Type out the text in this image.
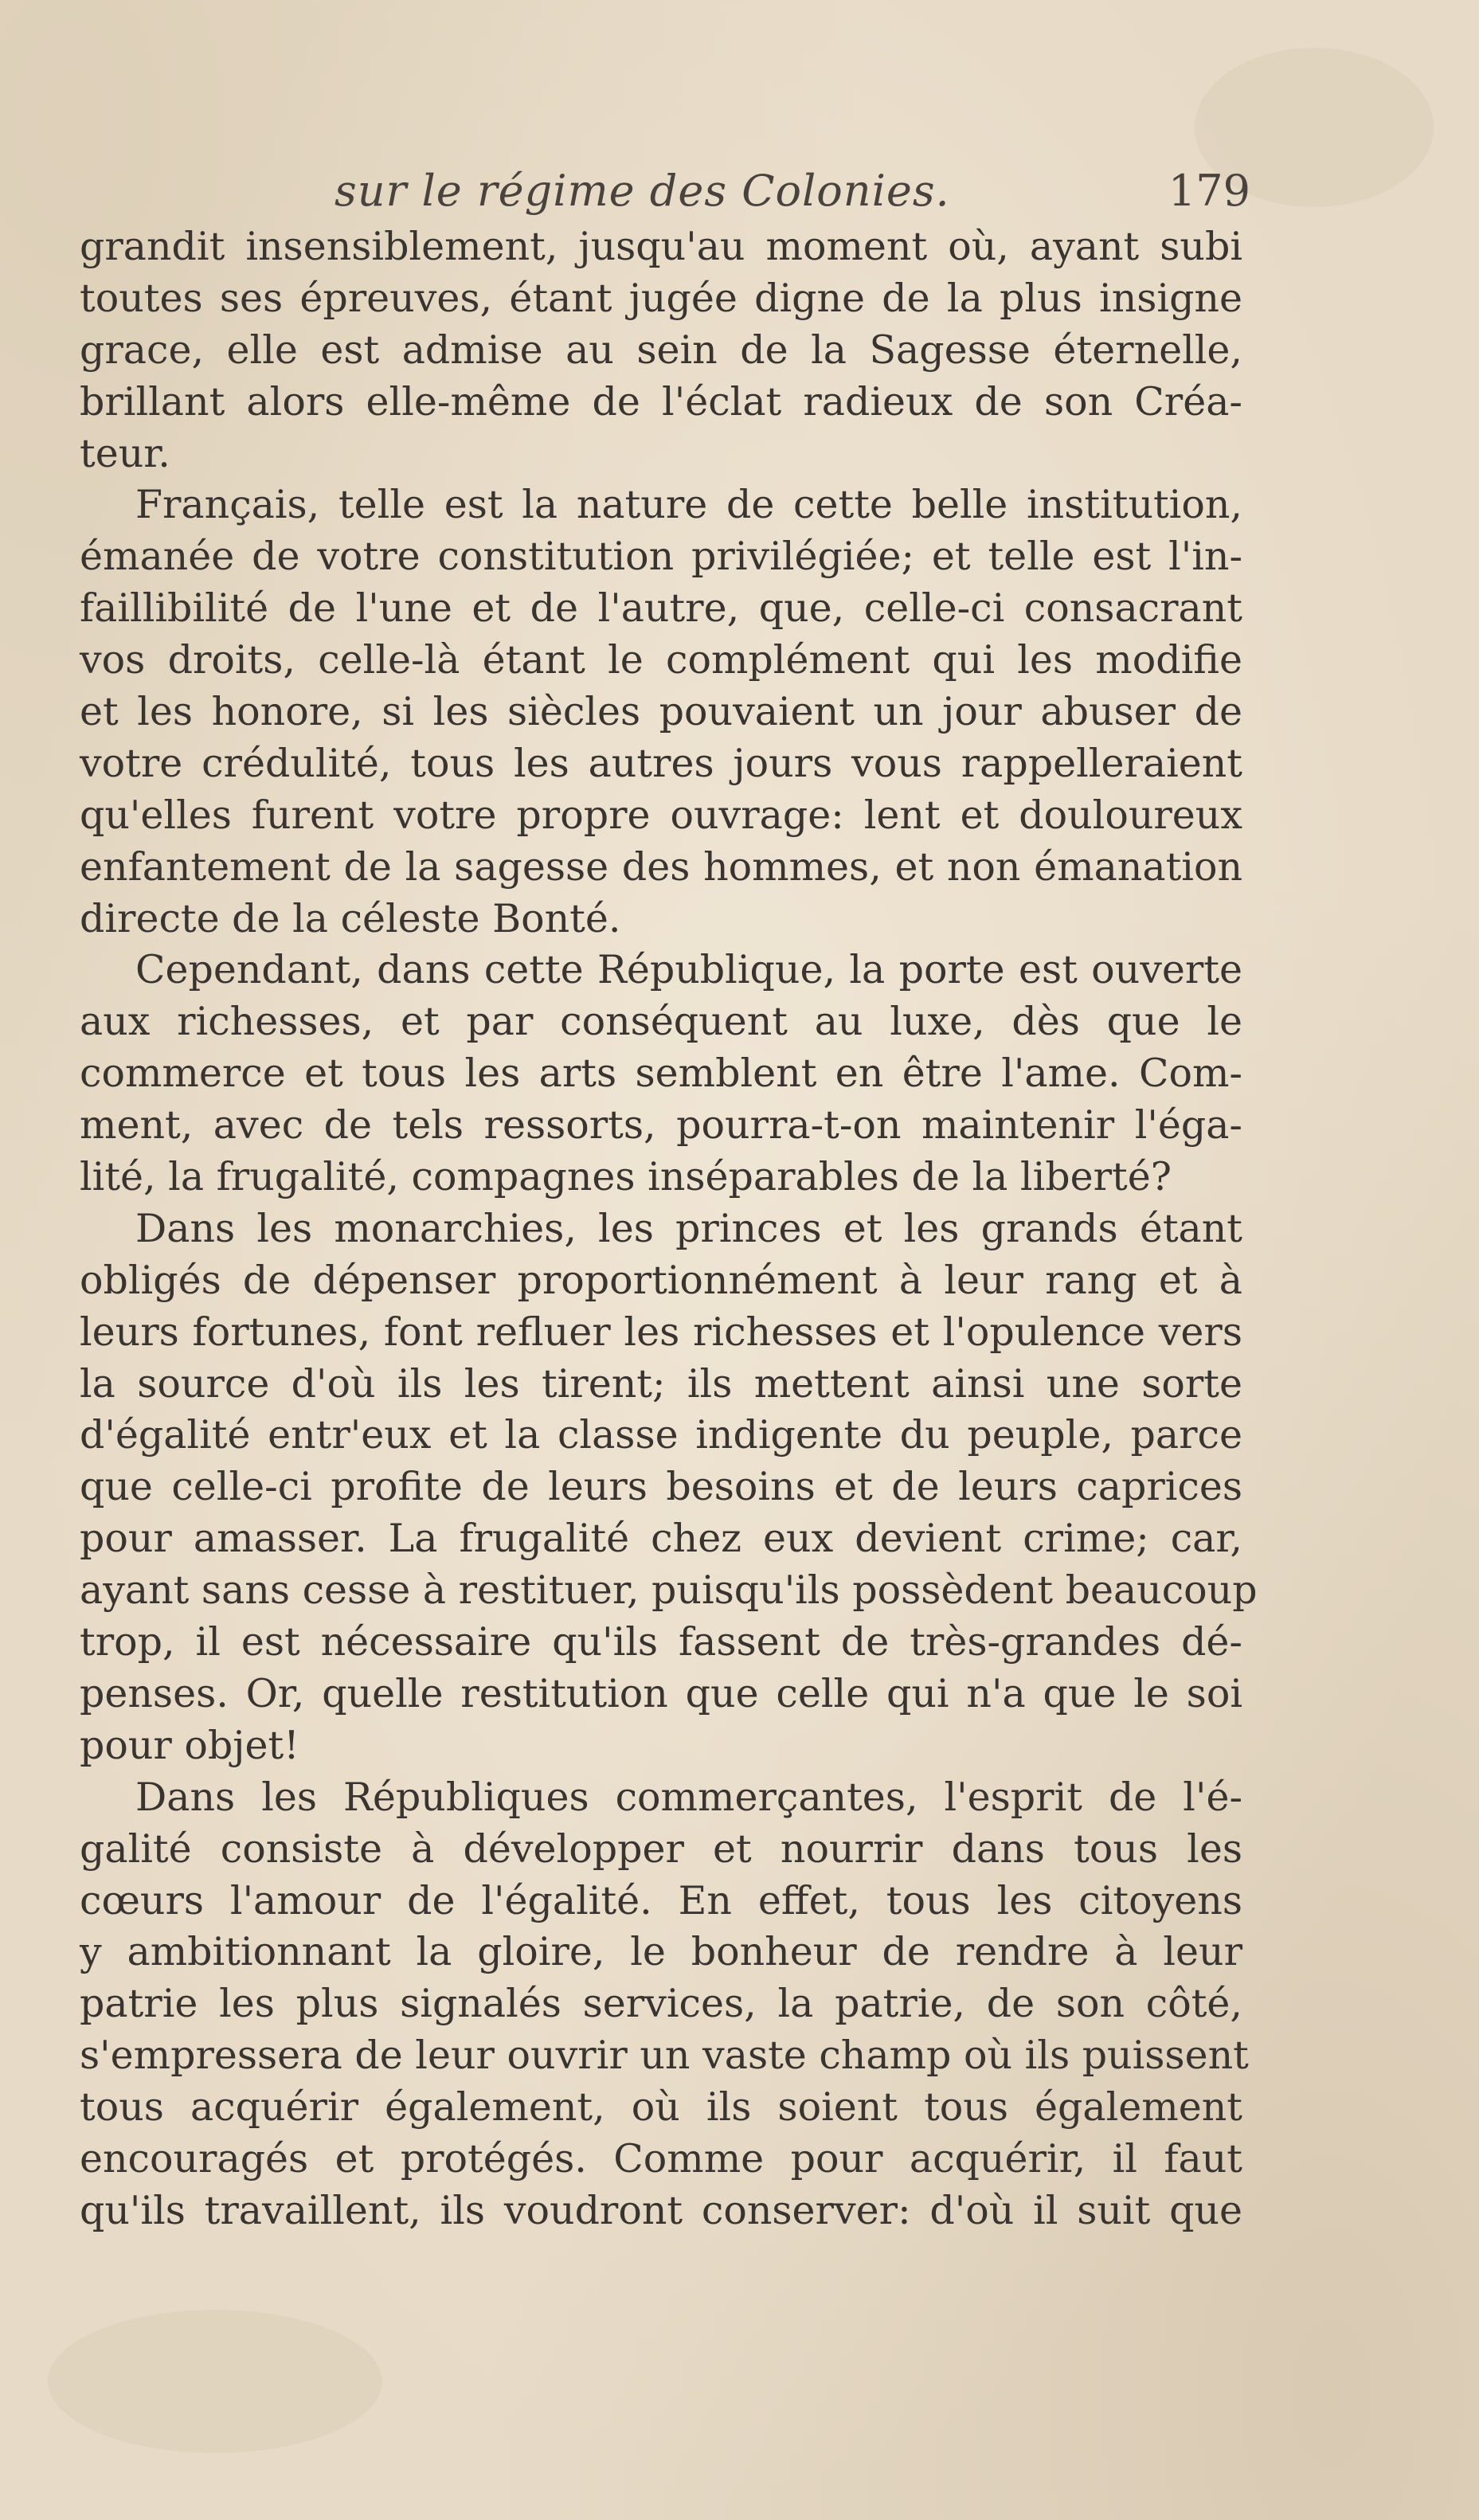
sur le régime des Colonies.	179
grandit insensiblement, jusqu'au moment où, ayant subi
toutes ses épreuves, étant jugée digne de la plus insigne
grace, elle est admise au sein de la Sagesse éternelle,
brillant alors elle-même de l'éclat radieux de son Créa-
teur.
Français, telle est la nature de cette belle institution,
émanée de votre constitution privilégiée; et telle est l'in-
faillibilité de l'une et de l'autre, que, celle-ci consacrant
vos droits, celle-là étant le complément qui les modifie
et les honore, si les siècles pouvaient un jour abuser de
votre crédulité, tous les autres jours vous rappelleraient
qu'elles furent votre propre ouvrage: lent et douloureux
enfantement de la sagesse des hommes, et non émanation
directe de la céleste Bonté.
Cependant, dans cette République, la porte est ouverte
aux richesses, et par conséquent au luxe, dès que le
commerce et tous les arts semblent en être l'ame. Com-
ment, avec de tels ressorts, pourra-t-on maintenir l'éga-
lité, la frugalité, compagnes inséparables de la liberté?
Dans les monarchies, les princes et les grands étant
obligés de dépenser proportionnément à leur rang et à
leurs fortunes, font refluer les richesses et l'opulence vers
la source d'où ils les tirent; ils mettent ainsi une sorte
d'égalité entr'eux et la classe indigente du peuple, parce
que celle-ci profite de leurs besoins et de leurs caprices
pour amasser. La frugalité chez eux devient crime; car,
ayant sans cesse à restituer, puisqu'ils possèdent beaucoup
trop, il est nécessaire qu'ils fassent de très-grandes dé-
penses. Or, quelle restitution que celle qui n'a que le soi
pour objet!
Dans les Républiques commerçantes, l'esprit de l'é-
galité consiste à développer et nourrir dans tous les
cœurs l'amour de l'égalité. En effet, tous les citoyens
y ambitionnant la gloire, le bonheur de rendre à leur
patrie les plus signalés services, la patrie, de son côté,
s'empressera de leur ouvrir un vaste champ où ils puissent
tous acquérir également, où ils soient tous également
encouragés et protégés. Comme pour acquérir, il faut
qu'ils travaillent, ils voudront conserver: d'où il suit que
